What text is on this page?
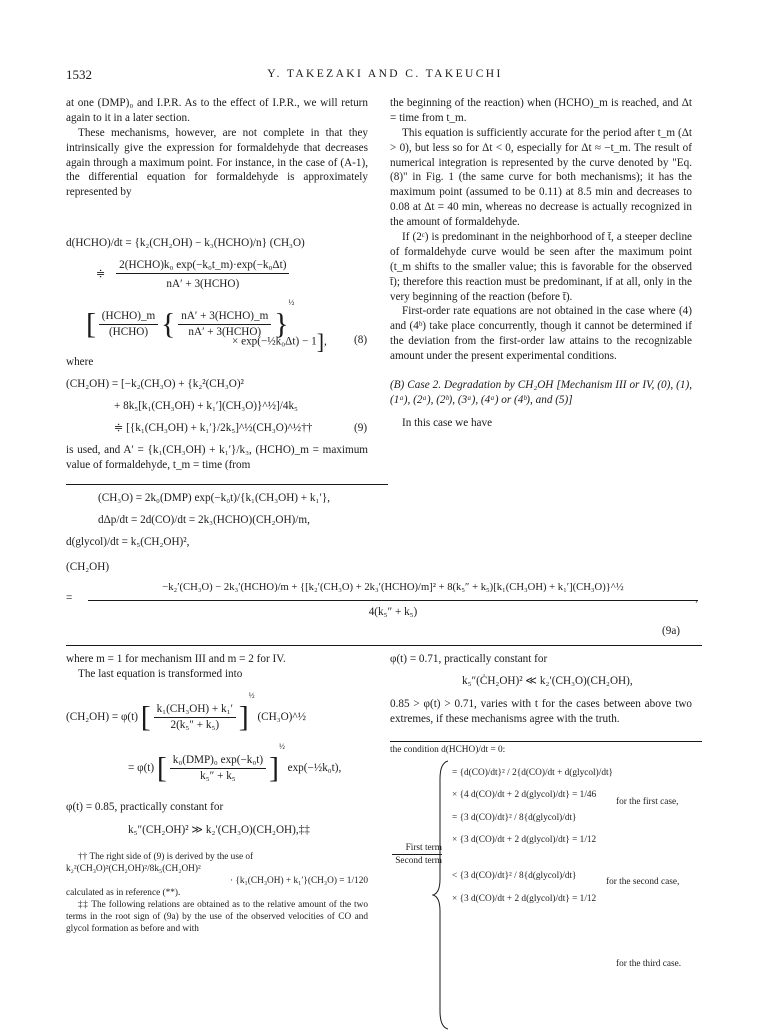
1532	Y. TAKEZAKI AND C. TAKEUCHI

at one (DMP)₀ and I.P.R. As to the effect of I.P.R., we will return again to it in a later section.

These mechanisms, however, are not complete in that they intrinsically give the expression for formaldehyde that decreases again through a maximum point. For instance, in the case of (A-1), the differential equation for formaldehyde is approximately represented by

d(HCHO)/dt = {k₂(CH₂OH) − k₃(HCHO)/n} (CH₃O)
≑ $\frac{\text{2(HCHO)k₀ exp(−k₀t\_m)·exp(−k₀Δt)}}{\text{nA′ + 3(HCHO)}}$
[ $\frac{\text{(HCHO)\_m}}{\text{(HCHO)}}$ { $\frac{\text{nA′ + 3(HCHO)\_m}}{\text{nA′ + 3(HCHO)}} \}^{\frac{1}{2}}$
× exp(−½k₀Δt) − 1], (8)
where
(CH₂OH) = [−k₂(CH₃O) + {k₂²(CH₃O)²
+ 8k₅[k₁(CH₃OH) + k₁′](CH₃O)}^½]/4k₅
≑ [{k₁(CH₃OH) + k₁′}/2k₅]^½(CH₃O)^½††	(9)

is used, and A′ = {k₁(CH₃OH) + k₁′}/k₃, (HCHO)_m = maximum value of formaldehyde, t_m = time (from

the beginning of the reaction) when (HCHO)_m is reached, and Δt = time from t_m.

This equation is sufficiently accurate for the period after t_m (Δt > 0), but less so for Δt < 0, especially for Δt ≈ −t_m. The result of numerical integration is represented by the curve denoted by "Eq. (8)" in Fig. 1 (the same curve for both mechanisms); it has the maximum point (assumed to be 0.11) at 8.5 min and decreases to 0.08 at Δt = 40 min, whereas no decrease is actually recognized in the amount of formaldehyde.

If (2ᶜ) is predominant in the neighborhood of t̄, a steeper decline of formaldehyde curve would be seen after the maximum point (t_m shifts to the smaller value; this is favorable for the observed t̄); therefore this reaction must be predominant, if at all, only in the very beginning of the reaction (before t̄).

First-order rate equations are not obtained in the case where (4) and (4ᵇ) take place concurrently, though it cannot be determined if the deviation from the first-order law attains to the recognizable amount under the present experimental conditions.

(B) Case 2. Degradation by CH₂OH [Mechanism III or IV, (0), (1), (1ᵃ), (2ᵃ), (2ᵇ), (3ᵃ), (4ᵃ) or (4ᵇ), and (5)]

In this case we have

(CH₃O) = 2k₀(DMP) exp(−k₀t)/{k₁(CH₃OH) + k₁′},
dΔp/dt = 2d(CO)/dt = 2k₃(HCHO)(CH₂OH)/m,
d(glycol)/dt = k₅(CH₂OH)²,
(CH₂OH)
=
−k₂′(CH₃O) − 2k₃′(HCHO)/m + {[k₂′(CH₃O) + 2k₃′(HCHO)/m]² + 8(k₅″ + k₅)[k₁(CH₃OH) + k₁′](CH₃O)}^½
4(k₅″ + k₅)
,
(9a)

where m = 1 for mechanism III and m = 2 for IV.

The last equation is transformed into

(CH₂OH) = φ(t) [ $\frac{\text{k₁(CH₃OH) + k₁′}}{\text{2(k₅″ + k₅)}} ]^{\frac{1}{2}}$ (CH₃O)^½
= φ(t) [ $\frac{\text{k₀(DMP)₀ exp(−k₀t)}}{\text{k₅″ + k₅}} ]^{\frac{1}{2}}$ exp(−½k₀t),
φ(t) = 0.85, practically constant for
k₅″(CH₂OH)² ≫ k₂′(CH₃O)(CH₂OH),‡‡

†† The right side of (9) is derived by the use of

k₂²(CH₃O)²(CH₂OH)²/8k₅(CH₂OH)²

· {k₁(CH₃OH) + k₁′}(CH₃O) = 1/120

calculated as in reference (**).

‡‡ The following relations are obtained as to the relative amount of the two terms in the root sign of (9a) by the use of the observed velocities of CO and glycol formation as before and with

φ(t) = 0.71, practically constant for
k₅″(ĊH₂OH)² ≪ k₂′(CH₃O)(CH₂OH),

0.85 > φ(t) > 0.71, varies with t for the cases between above two extremes, if these mechanisms agree with the truth.

the condition d(HCHO)/dt = 0:
First term
Second term
= {d(CO)/dt}² / 2{d(CO)/dt + d(glycol)/dt}
× {4 d(CO)/dt + 2 d(glycol)/dt} = 1/46
= {3 d(CO)/dt}² / 8{d(glycol)/dt}
× {3 d(CO)/dt + 2 d(glycol)/dt} = 1/12
< {3 d(CO)/dt}² / 8{d(glycol)/dt}
× {3 d(CO)/dt + 2 d(glycol)/dt} = 1/12
for the first case,
for the second case,
for the third case.
